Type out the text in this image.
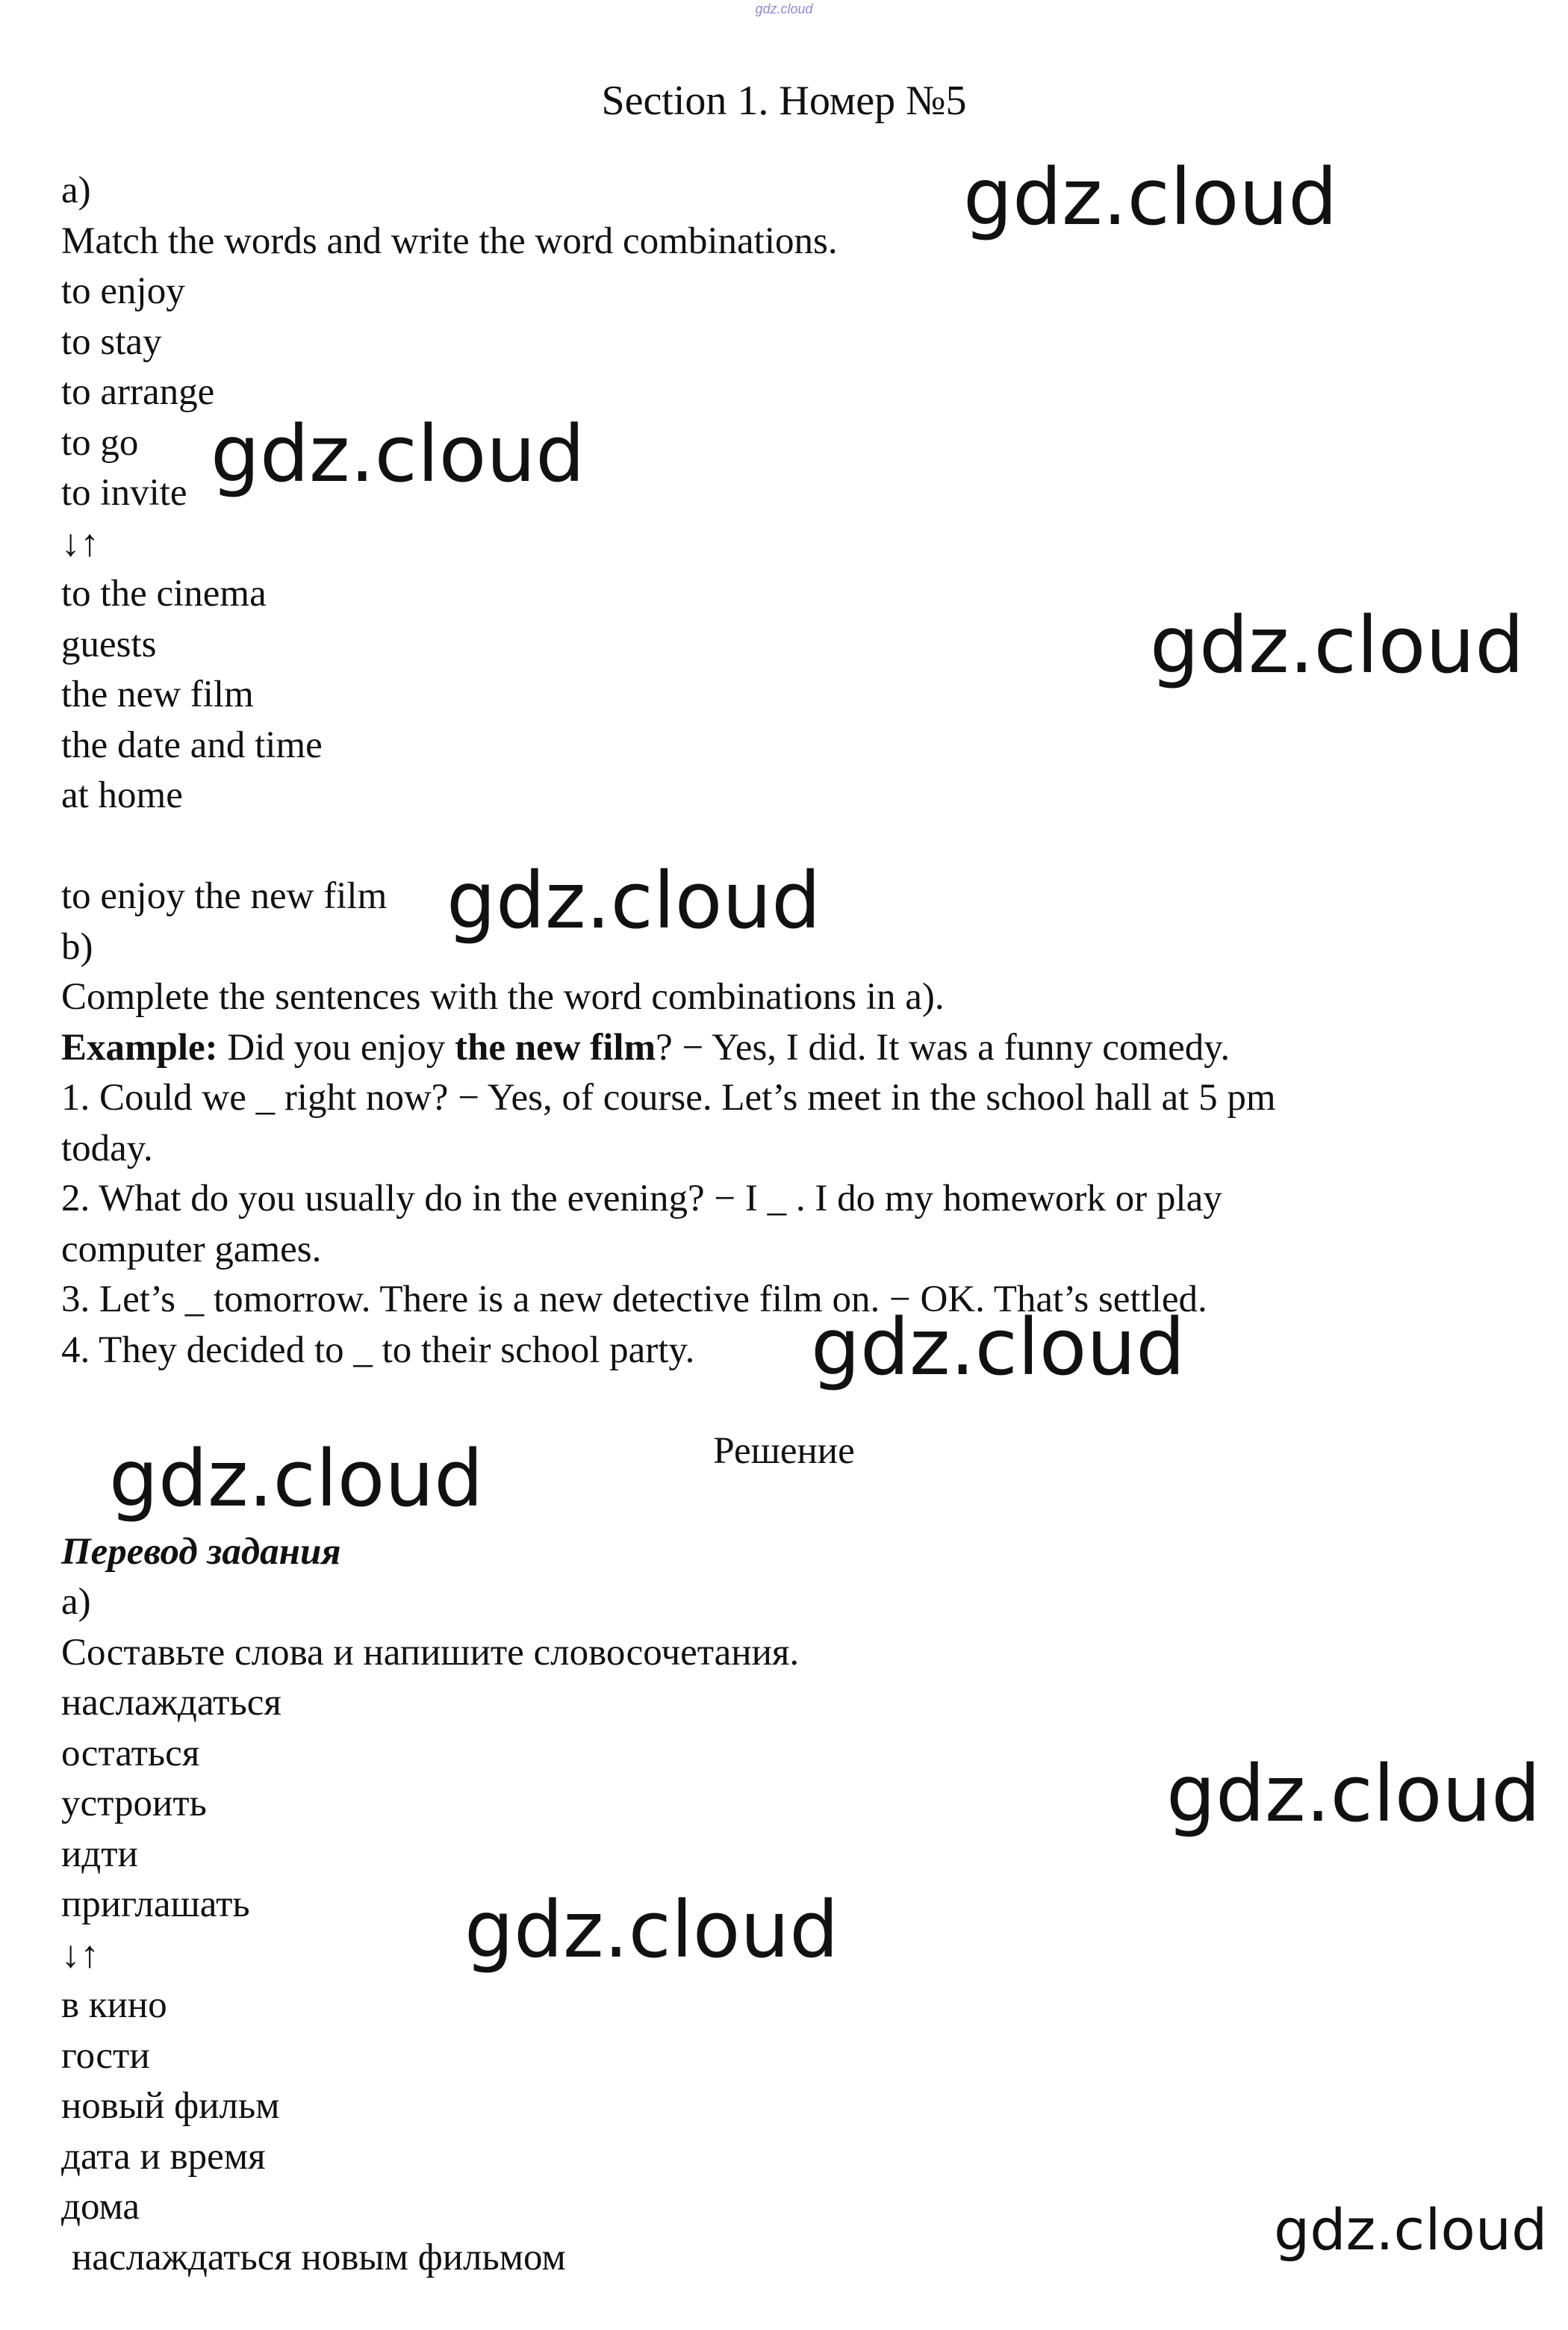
gdz.cloud
Section 1. Номер №5
a)
Match the words and write the word combinations.
to enjoy
to stay
to arrange
to go
to invite
↓↑
to the cinema
guests
the new film
the date and time
at home
to enjoy the new film
b)
Complete the sentences with the word combinations in a).
Example: Did you enjoy the new film? − Yes, I did. It was a funny comedy.
1. Could we _ right now? − Yes, of course. Let’s meet in the school hall at 5 pm
today.
2. What do you usually do in the evening? − I _ . I do my homework or play
computer games.
3. Let’s _ tomorrow. There is a new detective film on. − OK. That’s settled.
4. They decided to _ to their school party.
Решение
Перевод задания
a)
Составьте слова и напишите словосочетания.
наслаждаться
остаться
устроить
идти
приглашать
↓↑
в кино
гости
новый фильм
дата и время
дома
наслаждаться новым фильмом
gdz.cloud
gdz.cloud
gdz.cloud
gdz.cloud
gdz.cloud
gdz.cloud
gdz.cloud
gdz.cloud
gdz.cloud
